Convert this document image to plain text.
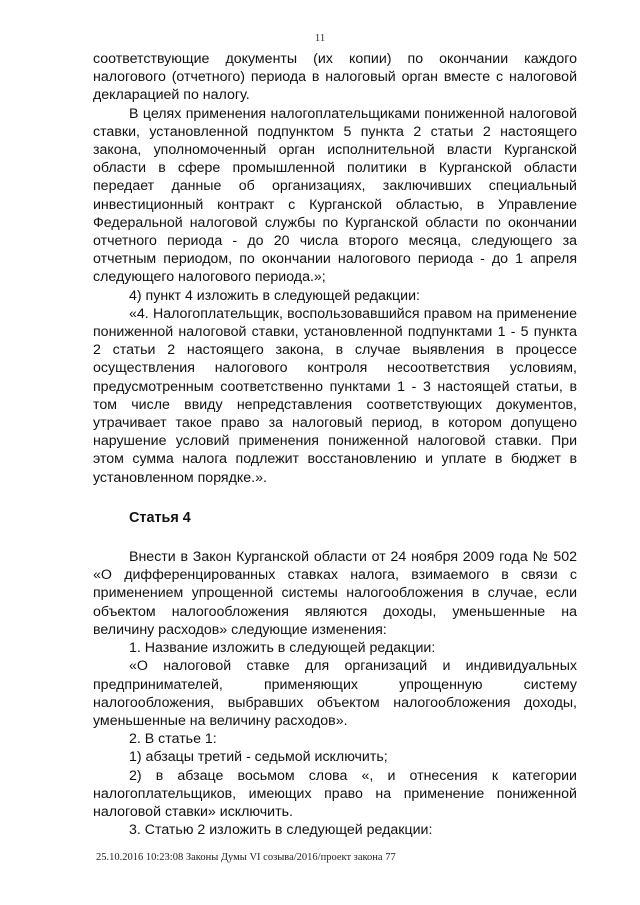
11

соответствующие документы (их копии) по окончании каждого налогового (отчетного) периода в налоговый орган вместе с налоговой декларацией по налогу.

В целях применения налогоплательщиками пониженной налоговой ставки, установленной подпунктом 5 пункта 2 статьи 2 настоящего закона, уполномоченный орган исполнительной власти Курганской области в сфере промышленной политики в Курганской области передает данные об организациях, заключивших специальный инвестиционный контракт с Курганской областью, в Управление Федеральной налоговой службы по Курганской области по окончании отчетного периода - до 20 числа второго месяца, следующего за отчетным периодом, по окончании налогового периода - до 1 апреля следующего налогового периода.»;

4) пункт 4 изложить в следующей редакции:

«4. Налогоплательщик, воспользовавшийся правом на применение пониженной налоговой ставки, установленной подпунктами 1 - 5 пункта 2 статьи 2 настоящего закона, в случае выявления в процессе осуществления налогового контроля несоответствия условиям, предусмотренным соответственно пунктами 1 - 3 настоящей статьи, в том числе ввиду непредставления соответствующих документов, утрачивает такое право за налоговый период, в котором допущено нарушение условий применения пониженной налоговой ставки. При этом сумма налога подлежит восстановлению и уплате в бюджет в установленном порядке.».

Статья 4

Внести в Закон Курганской области от 24 ноября 2009 года № 502 «О дифференцированных ставках налога, взимаемого в связи с применением упрощенной системы налогообложения в случае, если объектом налогообложения являются доходы, уменьшенные на величину расходов» следующие изменения:

1. Название изложить в следующей редакции:

«О налоговой ставке для организаций и индивидуальных предпринимателей, применяющих упрощенную систему налогообложения, выбравших объектом налогообложения доходы, уменьшенные на величину расходов».

2. В статье 1:

1) абзацы третий - седьмой исключить;

2) в абзаце восьмом слова «, и отнесения к категории налогоплательщиков, имеющих право на применение пониженной налоговой ставки» исключить.

3. Статью 2 изложить в следующей редакции:

25.10.2016 10:23:08 Законы Думы VI созыва/2016/проект закона 77
